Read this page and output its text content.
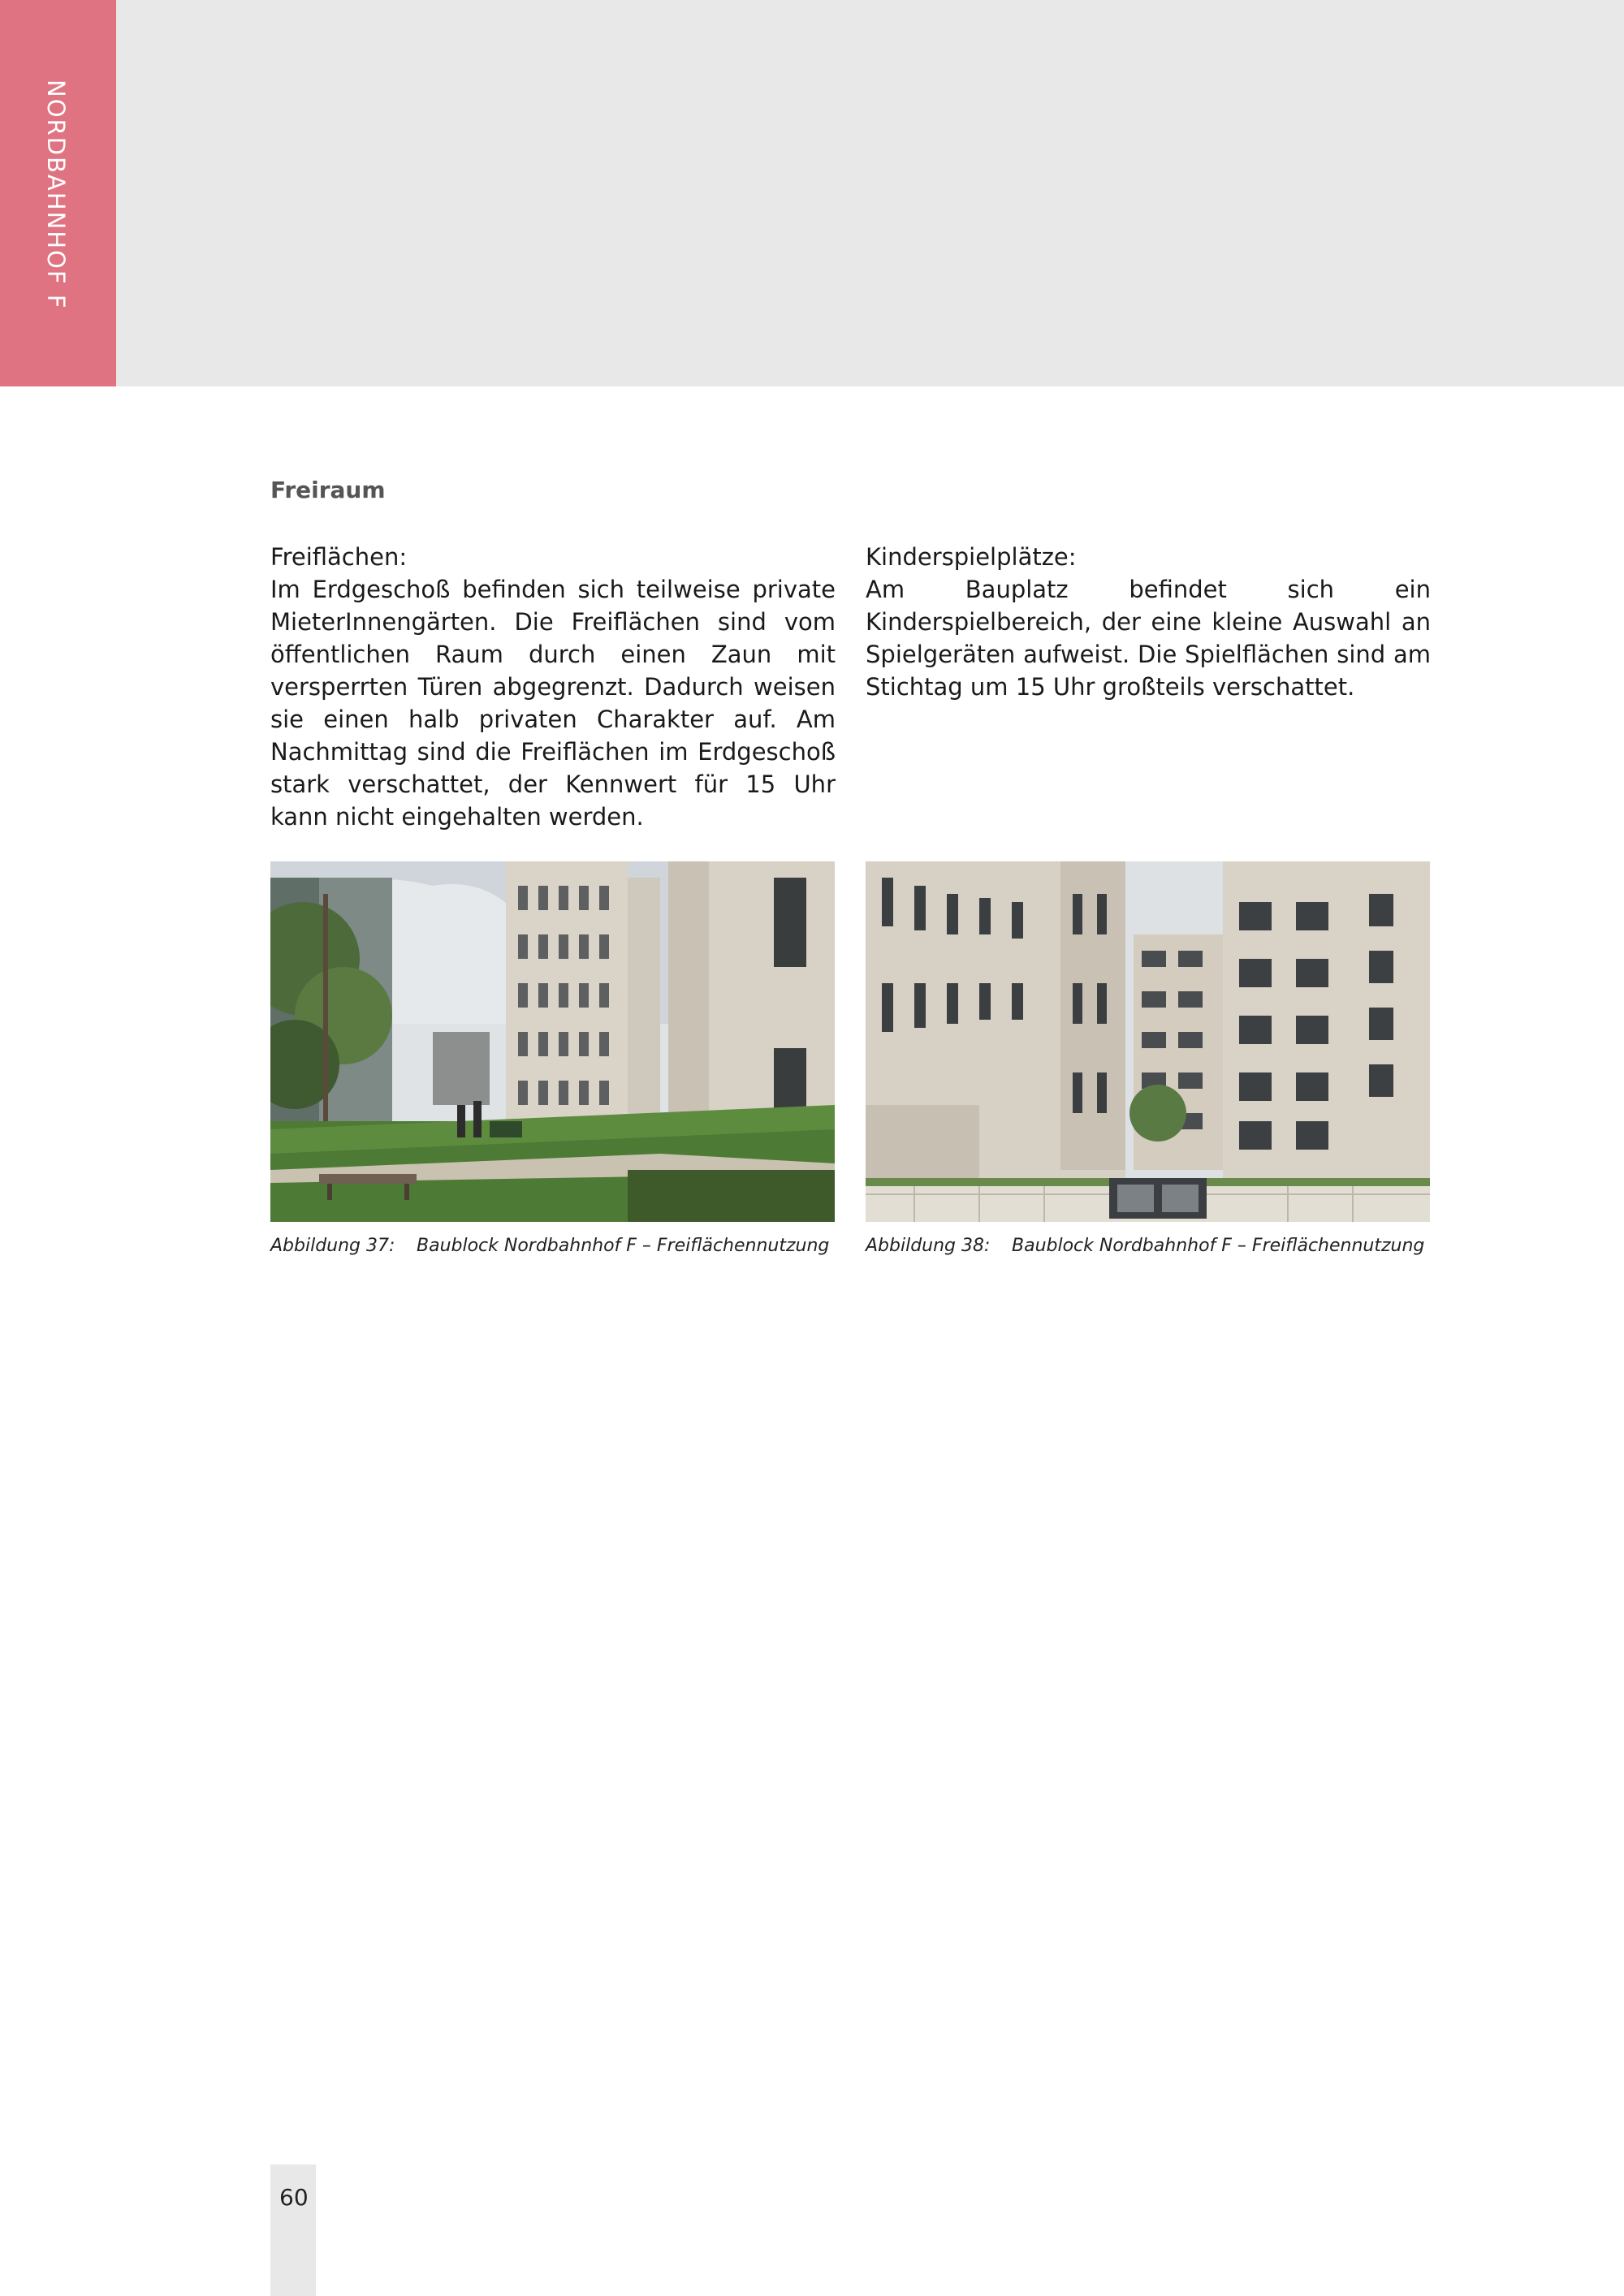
NORDBAHNHOF F
Freiraum
Freiflächen:
Im Erdgeschoß befinden sich teilweise private MieterInnengärten. Die Freiflächen sind vom öffentlichen Raum durch einen Zaun mit versperrten Türen abgegrenzt. Dadurch weisen sie einen halb privaten Charakter auf. Am Nachmittag sind die Freiflächen im Erdgeschoß stark verschattet, der Kennwert für 15 Uhr kann nicht eingehalten werden.
Kinderspielplätze:
Am Bauplatz befindet sich ein Kinderspielbereich, der eine kleine Auswahl an Spielgeräten aufweist. Die Spielflächen sind am Stichtag um 15 Uhr großteils verschattet.
Abbildung 37: Baublock Nordbahnhof F – Freiflächennutzung Abbildung 38: Baublock Nordbahnhof F – Freiflächennutzung
60
